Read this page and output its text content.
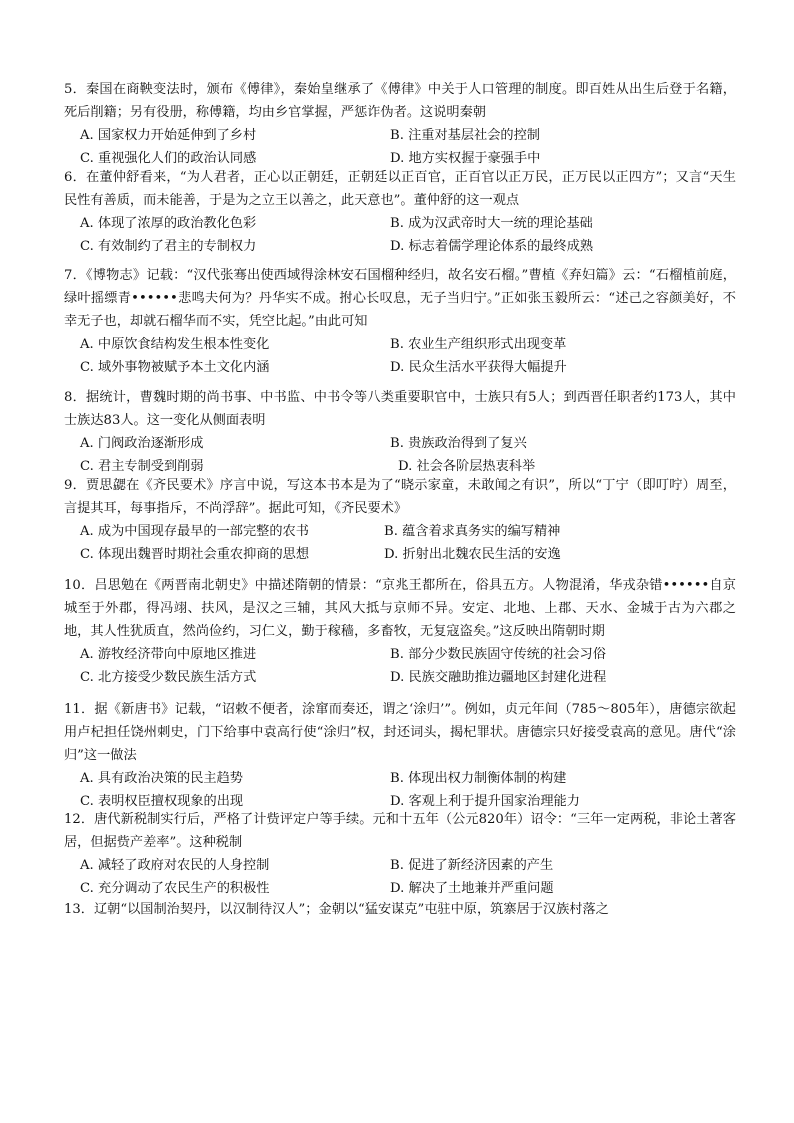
5．秦国在商鞅变法时，颁布《傅律》，秦始皇继承了《傅律》中关于人口管理的制度。即百姓从出生后登于名籍，死后削籍；另有役册，称傅籍，均由乡官掌握，严惩诈伪者。这说明秦朝

A. 国家权力开始延伸到了乡村	B. 注重对基层社会的控制
C. 重视强化人们的政治认同感	D. 地方实权握于豪强手中

6．在董仲舒看来，“为人君者，正心以正朝廷，正朝廷以正百官，正百官以正万民，正万民以正四方”；又言“天生民性有善质，而未能善，于是为之立王以善之，此天意也”。董仲舒的这一观点

A. 体现了浓厚的政治教化色彩	B. 成为汉武帝时大一统的理论基础
C. 有效制约了君主的专制权力	D. 标志着儒学理论体系的最终成熟

7．《博物志》记载：“汉代张骞出使西域得涂林安石国榴种经归，故名安石榴。”曹植《弃妇篇》云：“石榴植前庭，绿叶摇缥青••••••悲鸣夫何为？丹华实不成。拊心长叹息，无子当归宁。”正如张玉毅所云：“述己之容颜美好，不幸无子也，却就石榴华而不实，凭空比起。”由此可知

A. 中原饮食结构发生根本性变化	B. 农业生产组织形式出现变革
C. 域外事物被赋予本土文化内涵	D. 民众生活水平获得大幅提升

8．据统计，曹魏时期的尚书事、中书监、中书令等八类重要职官中，士族只有5人；到西晋任职者约173人，其中士族达83人。这一变化从侧面表明

A. 门阀政治逐渐形成	B. 贵族政治得到了复兴
C. 君主专制受到削弱	D. 社会各阶层热衷科举

9．贾思勰在《齐民要术》序言中说，写这本书本是为了“晓示家童，未敢闻之有识”，所以“丁宁（即叮咛）周至，言提其耳，每事指斥，不尚浮辞”。据此可知，《齐民要术》

A. 成为中国现存最早的一部完整的农书	B. 蕴含着求真务实的编写精神
C. 体现出魏晋时期社会重农抑商的思想	D. 折射出北魏农民生活的安逸

10．吕思勉在《两晋南北朝史》中描述隋朝的情景：“京兆王都所在，俗具五方。人物混淆，华戎杂错••••••自京城至于外郡，得冯翊、扶风，是汉之三辅，其风大抵与京师不异。安定、北地、上郡、天水、金城于古为六郡之地，其人性犹质直，然尚俭约，习仁义，勤于稼穑，多畜牧，无复寇盗矣。”这反映出隋朝时期

A. 游牧经济带向中原地区推进	B. 部分少数民族固守传统的社会习俗
C. 北方接受少数民族生活方式	D. 民族交融助推边疆地区封建化进程

11．据《新唐书》记载，“诏敕不便者，涂窜而奏还，谓之‘涂归’”。例如，贞元年间（785～805年），唐德宗欲起用卢杞担任饶州刺史，门下给事中袁高行使“涂归”权，封还词头，揭杞罪状。唐德宗只好接受袁高的意见。唐代“涂归”这一做法

A. 具有政治决策的民主趋势	B. 体现出权力制衡体制的构建
C. 表明权臣擅权现象的出现	D. 客观上利于提升国家治理能力

12．唐代新税制实行后，严格了计赀评定户等手续。元和十五年（公元820年）诏令：“三年一定两税，非论土著客居，但据赀产差率”。这种税制

A. 减轻了政府对农民的人身控制	B. 促进了新经济因素的产生
C. 充分调动了农民生产的积极性	D. 解决了土地兼并严重问题

13．辽朝“以国制治契丹，以汉制待汉人”；金朝以“猛安谋克”屯驻中原，筑寨居于汉族村落之
